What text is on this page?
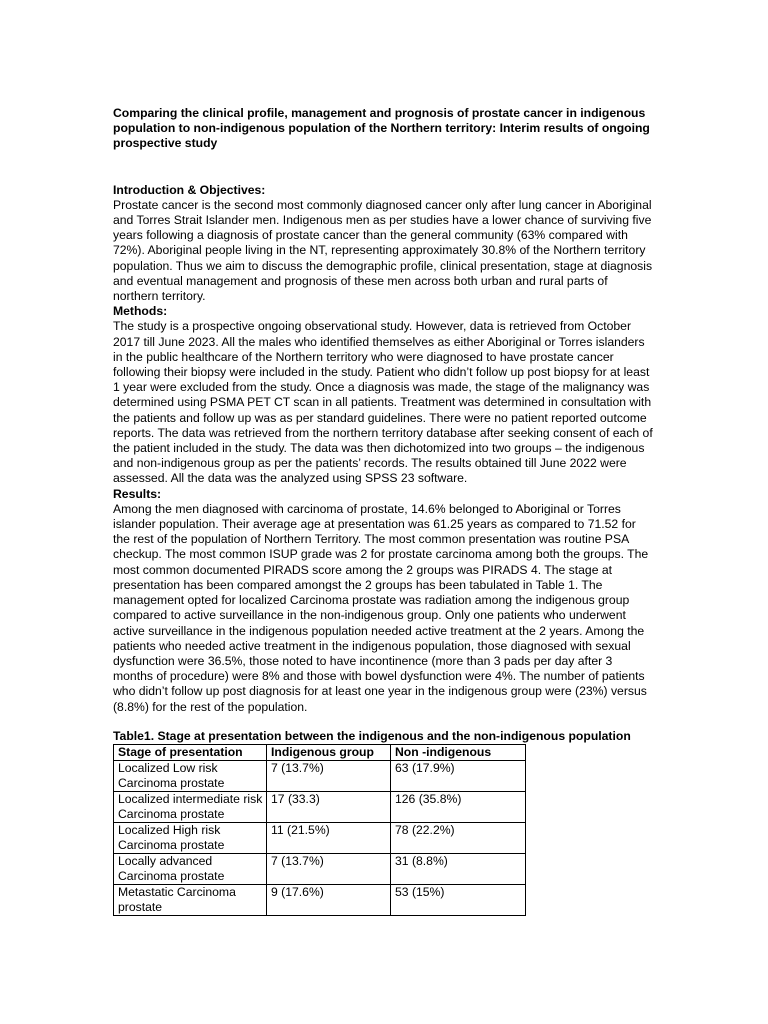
Comparing the clinical profile, management and prognosis of prostate cancer in indigenous population to non-indigenous population of the Northern territory: Interim results of ongoing prospective study

Introduction & Objectives:

Prostate cancer is the second most commonly diagnosed cancer only after lung cancer in Aboriginal and Torres Strait Islander men. Indigenous men as per studies have a lower chance of surviving five years following a diagnosis of prostate cancer than the general community (63% compared with 72%). Aboriginal people living in the NT, representing approximately 30.8% of the Northern territory population. Thus we aim to discuss the demographic profile, clinical presentation, stage at diagnosis and eventual management and prognosis of these men across both urban and rural parts of northern territory.

Methods:

The study is a prospective ongoing observational study. However, data is retrieved from October 2017 till June 2023. All the males who identified themselves as either Aboriginal or Torres islanders in the public healthcare of the Northern territory who were diagnosed to have prostate cancer following their biopsy were included in the study. Patient who didn’t follow up post biopsy for at least 1 year were excluded from the study. Once a diagnosis was made, the stage of the malignancy was determined using PSMA PET CT scan in all patients. Treatment was determined in consultation with the patients and follow up was as per standard guidelines. There were no patient reported outcome reports. The data was retrieved from the northern territory database after seeking consent of each of the patient included in the study. The data was then dichotomized into two groups – the indigenous and non-indigenous group as per the patients’ records. The results obtained till June 2022 were assessed. All the data was the analyzed using SPSS 23 software.

Results:

Among the men diagnosed with carcinoma of prostate, 14.6% belonged to Aboriginal or Torres islander population. Their average age at presentation was 61.25 years as compared to 71.52 for the rest of the population of Northern Territory. The most common presentation was routine PSA checkup. The most common ISUP grade was 2 for prostate carcinoma among both the groups. The most common documented PIRADS score among the 2 groups was PIRADS 4. The stage at presentation has been compared amongst the 2 groups has been tabulated in Table 1. The management opted for localized Carcinoma prostate was radiation among the indigenous group compared to active surveillance in the non-indigenous group. Only one patients who underwent active surveillance in the indigenous population needed active treatment at the 2 years. Among the patients who needed active treatment in the indigenous population, those diagnosed with sexual dysfunction were 36.5%, those noted to have incontinence (more than 3 pads per day after 3 months of procedure) were 8% and those with bowel dysfunction were 4%. The number of patients who didn’t follow up post diagnosis for at least one year in the indigenous group were (23%) versus (8.8%) for the rest of the population.

Table1. Stage at presentation between the indigenous and the non-indigenous population

Stage of presentation	Indigenous group	Non -indigenous
Localized Low risk Carcinoma prostate	7 (13.7%)	63 (17.9%)
Localized intermediate risk Carcinoma prostate	17 (33.3)	126 (35.8%)
Localized High risk Carcinoma prostate	11 (21.5%)	78 (22.2%)
Locally advanced Carcinoma prostate	7 (13.7%)	31 (8.8%)
Metastatic Carcinoma prostate	9 (17.6%)	53 (15%)
